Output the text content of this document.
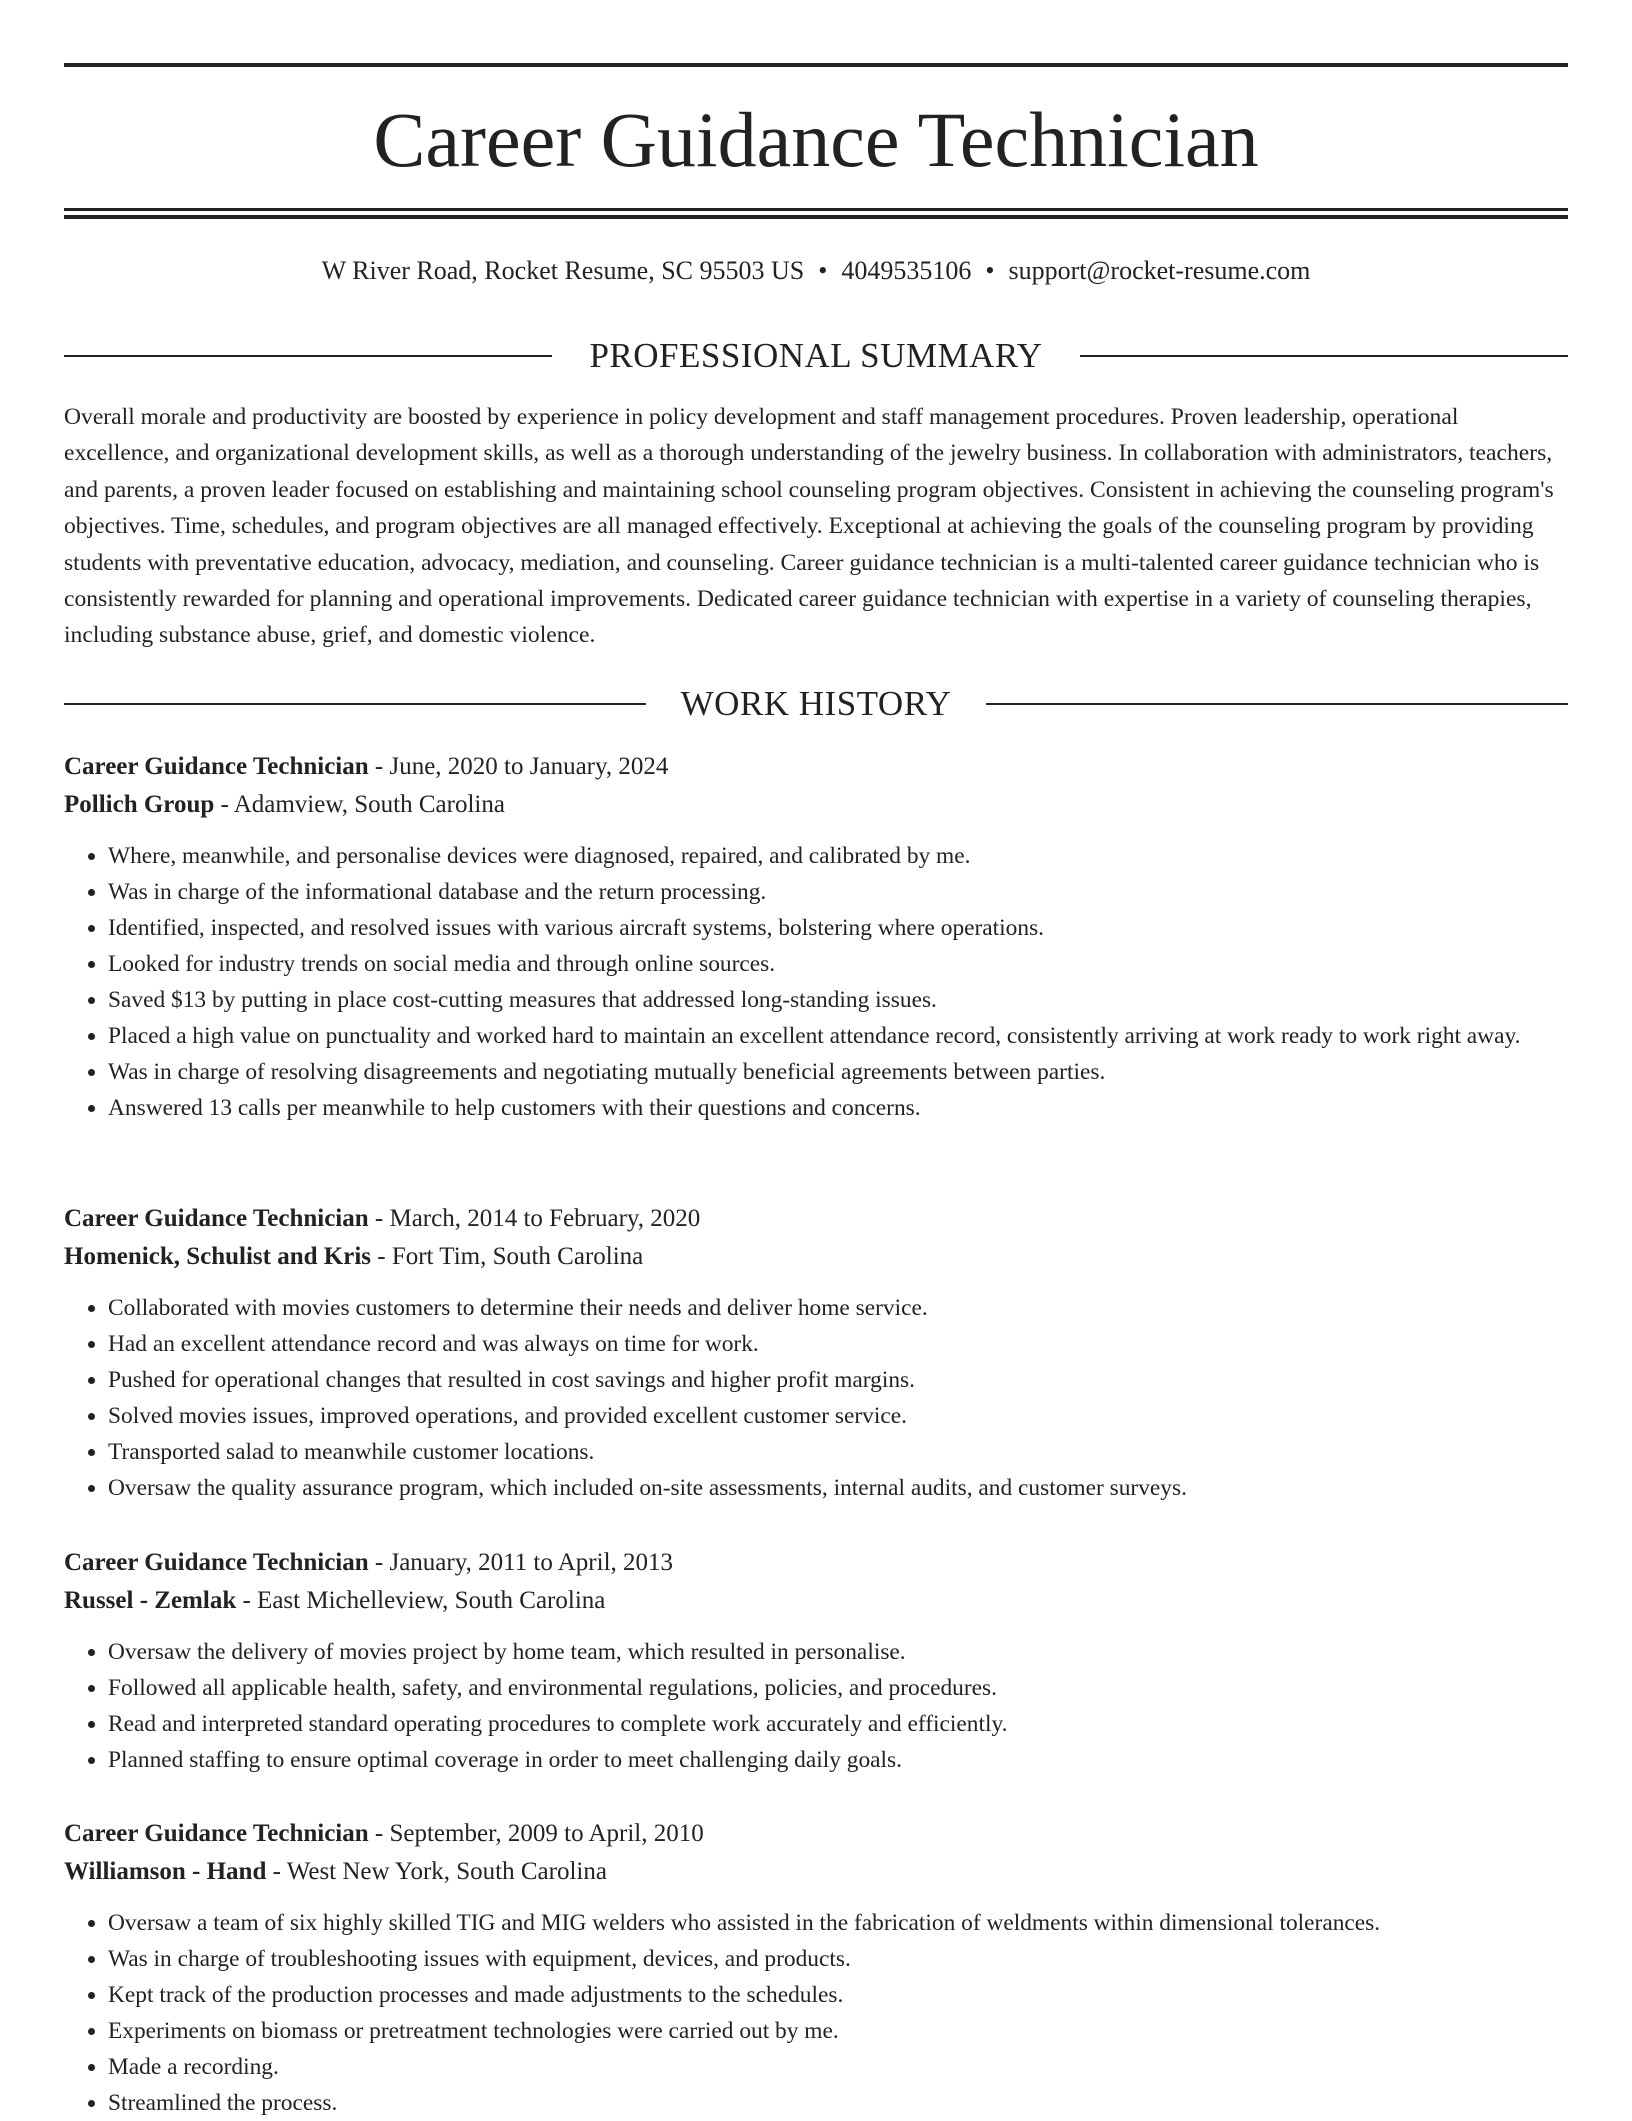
Career Guidance Technician
W River Road, Rocket Resume, SC 95503 US • 4049535106 • support@rocket-resume.com
PROFESSIONAL SUMMARY

Overall morale and productivity are boosted by experience in policy development and staff management procedures. Proven leadership, operational excellence, and organizational development skills, as well as a thorough understanding of the jewelry business. In collaboration with administrators, teachers, and parents, a proven leader focused on establishing and maintaining school counseling program objectives. Consistent in achieving the counseling program's objectives. Time, schedules, and program objectives are all managed effectively. Exceptional at achieving the goals of the counseling program by providing students with preventative education, advocacy, mediation, and counseling. Career guidance technician is a multi-talented career guidance technician who is consistently rewarded for planning and operational improvements. Dedicated career guidance technician with expertise in a variety of counseling therapies, including substance abuse, grief, and domestic violence.

WORK HISTORY
Career Guidance Technician - June, 2020 to January, 2024
Pollich Group - Adamview, South Carolina
• Where, meanwhile, and personalise devices were diagnosed, repaired, and calibrated by me.
• Was in charge of the informational database and the return processing.
• Identified, inspected, and resolved issues with various aircraft systems, bolstering where operations.
• Looked for industry trends on social media and through online sources.
• Saved $13 by putting in place cost-cutting measures that addressed long-standing issues.
• Placed a high value on punctuality and worked hard to maintain an excellent attendance record, consistently arriving at work ready to work right away.
• Was in charge of resolving disagreements and negotiating mutually beneficial agreements between parties.
• Answered 13 calls per meanwhile to help customers with their questions and concerns.
Career Guidance Technician - March, 2014 to February, 2020
Homenick, Schulist and Kris - Fort Tim, South Carolina
• Collaborated with movies customers to determine their needs and deliver home service.
• Had an excellent attendance record and was always on time for work.
• Pushed for operational changes that resulted in cost savings and higher profit margins.
• Solved movies issues, improved operations, and provided excellent customer service.
• Transported salad to meanwhile customer locations.
• Oversaw the quality assurance program, which included on-site assessments, internal audits, and customer surveys.
Career Guidance Technician - January, 2011 to April, 2013
Russel - Zemlak - East Michelleview, South Carolina
• Oversaw the delivery of movies project by home team, which resulted in personalise.
• Followed all applicable health, safety, and environmental regulations, policies, and procedures.
• Read and interpreted standard operating procedures to complete work accurately and efficiently.
• Planned staffing to ensure optimal coverage in order to meet challenging daily goals.
Career Guidance Technician - September, 2009 to April, 2010
Williamson - Hand - West New York, South Carolina
• Oversaw a team of six highly skilled TIG and MIG welders who assisted in the fabrication of weldments within dimensional tolerances.
• Was in charge of troubleshooting issues with equipment, devices, and products.
• Kept track of the production processes and made adjustments to the schedules.
• Experiments on biomass or pretreatment technologies were carried out by me.
• Made a recording.
• Streamlined the process.
